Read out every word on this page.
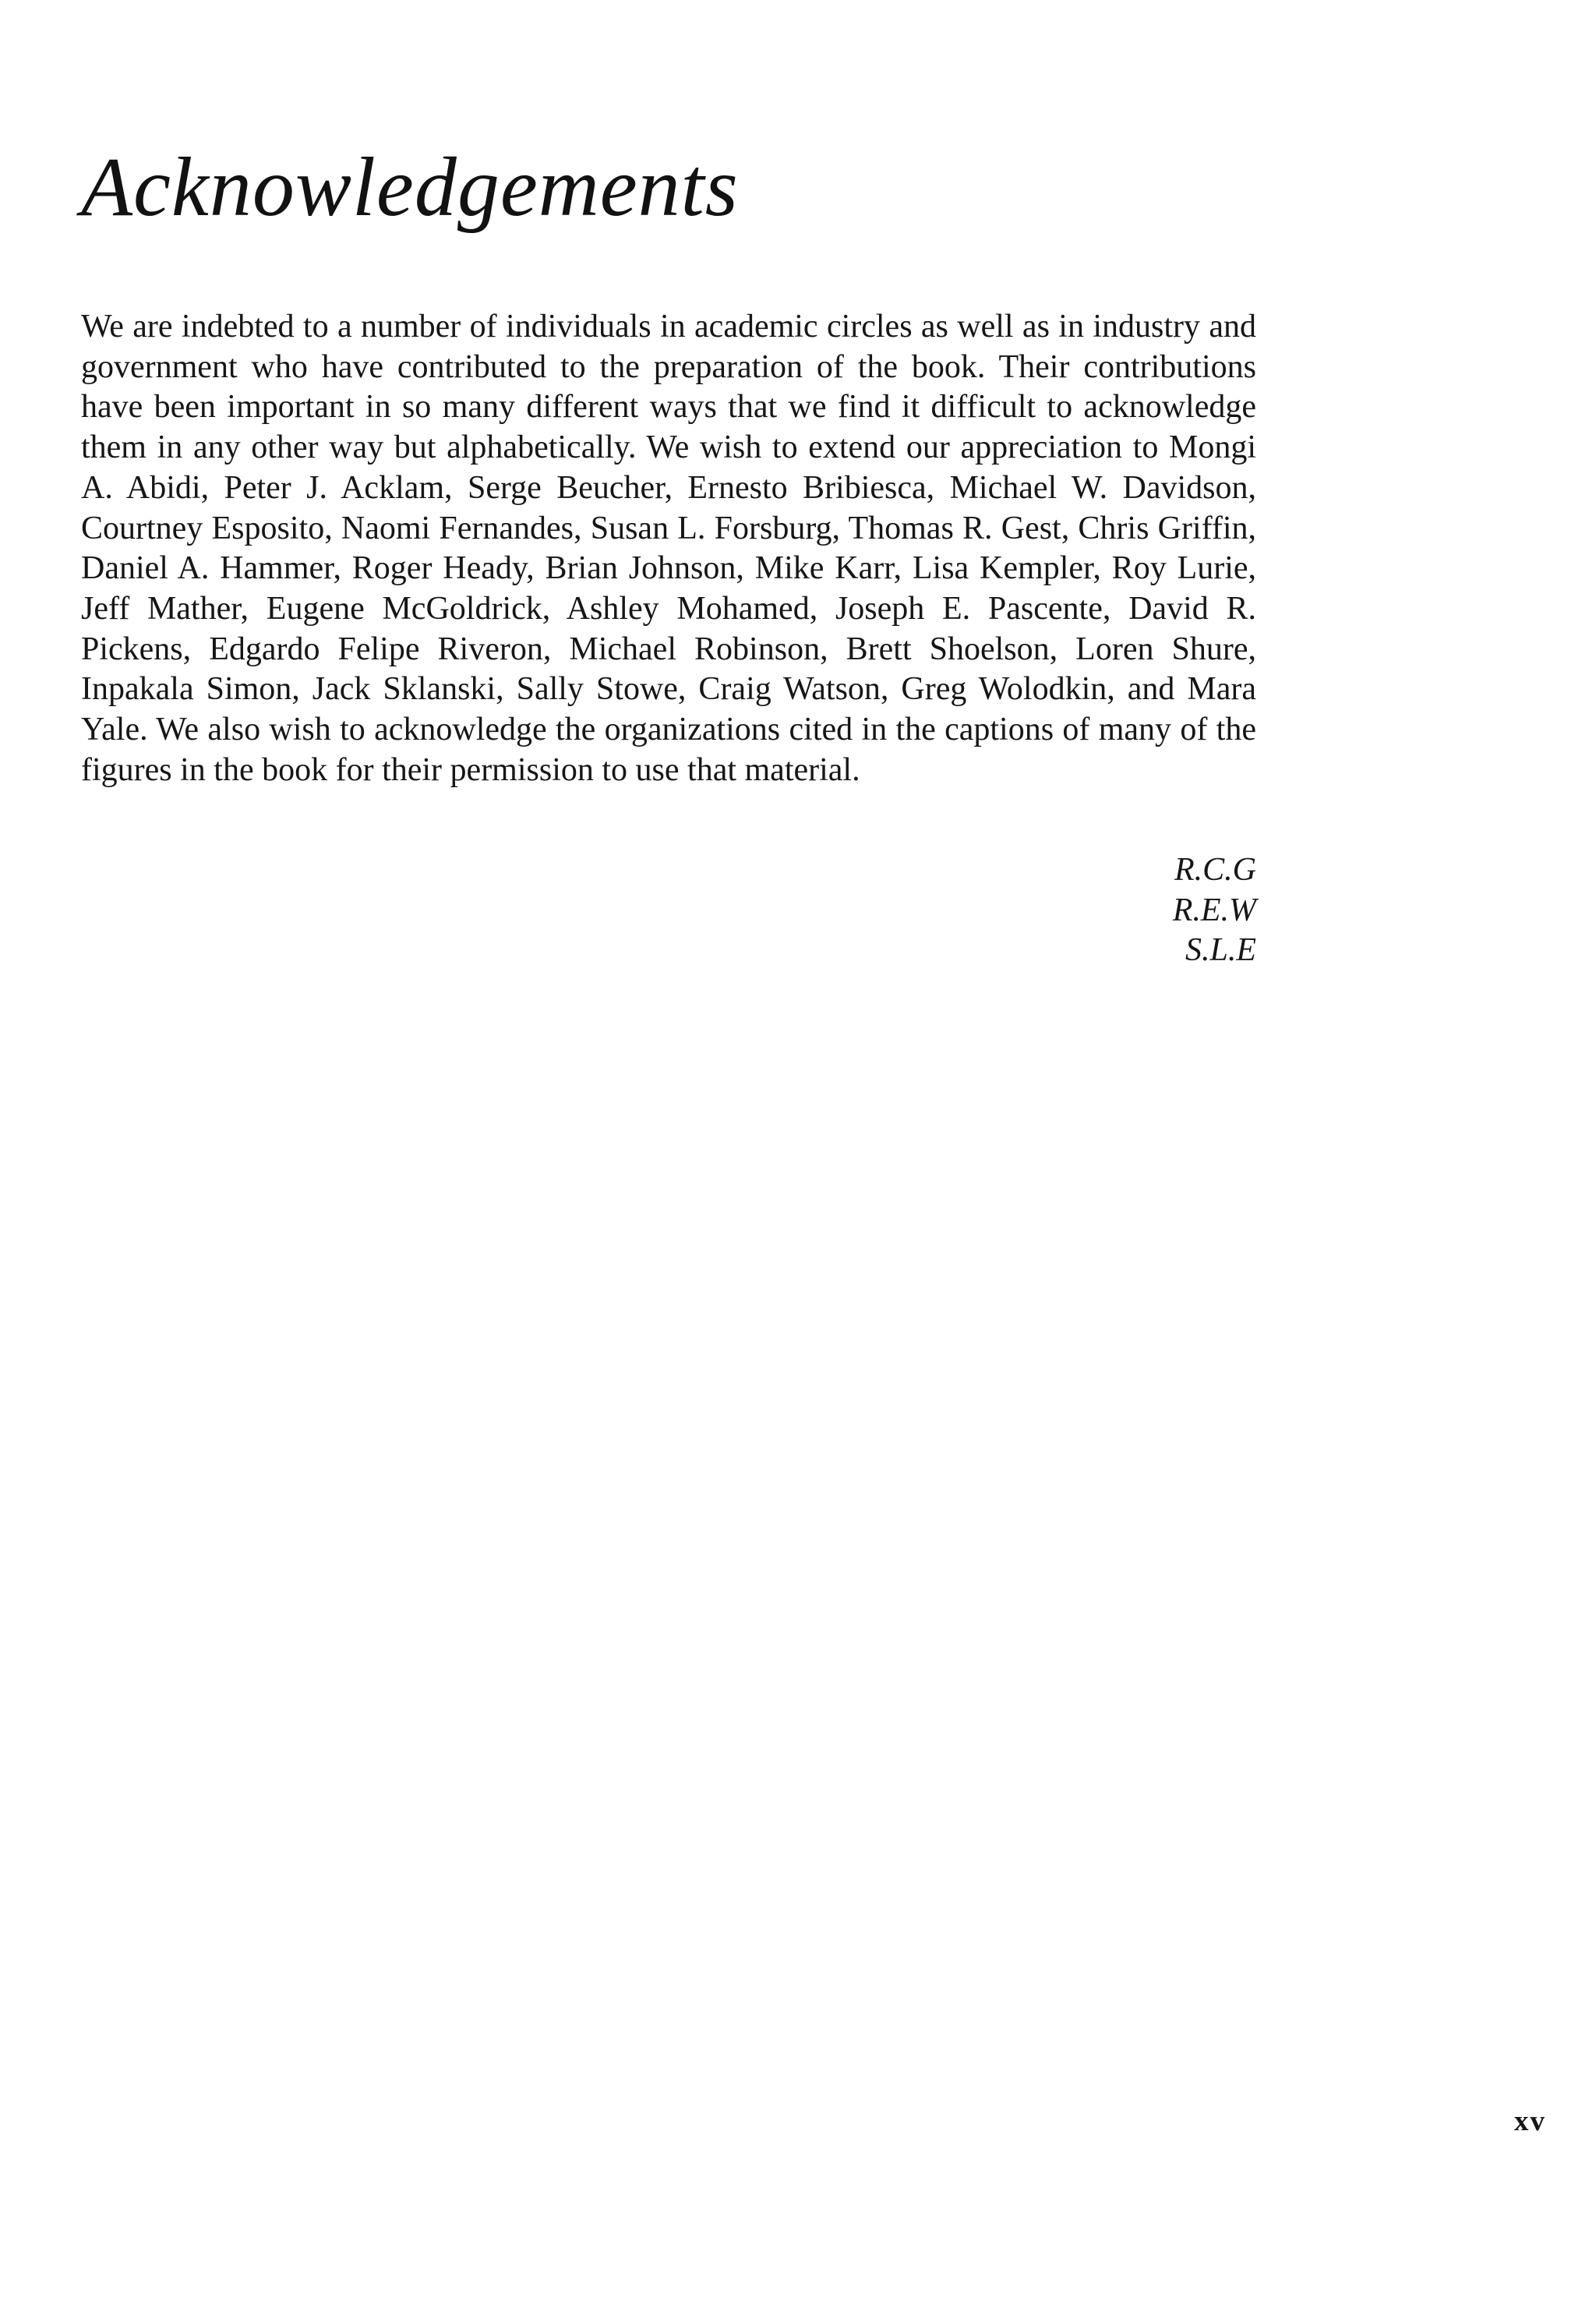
Acknowledgements

We are indebted to a number of individuals in academic circles as well as in industry and government who have contributed to the preparation of the book. Their contributions have been important in so many different ways that we find it difficult to acknowledge them in any other way but alphabetically. We wish to extend our appreciation to Mongi A. Abidi, Peter J. Acklam, Serge Beucher, Ernesto Bribiesca, Michael W. Davidson, Courtney Esposito, Naomi Fernandes, Susan L. Forsburg, Thomas R. Gest, Chris Griffin, Daniel A. Hammer, Roger Heady, Brian Johnson, Mike Karr, Lisa Kempler, Roy Lurie, Jeff Mather, Eugene McGoldrick, Ashley Mohamed, Joseph E. Pascente, David R. Pickens, Edgardo Felipe Riveron, Michael Robinson, Brett Shoelson, Loren Shure, Inpakala Simon, Jack Sklanski, Sally Stowe, Craig Watson, Greg Wolodkin, and Mara Yale. We also wish to acknowledge the organizations cited in the captions of many of the figures in the book for their permission to use that material.

R.C.G
R.E.W
S.L.E
xv
